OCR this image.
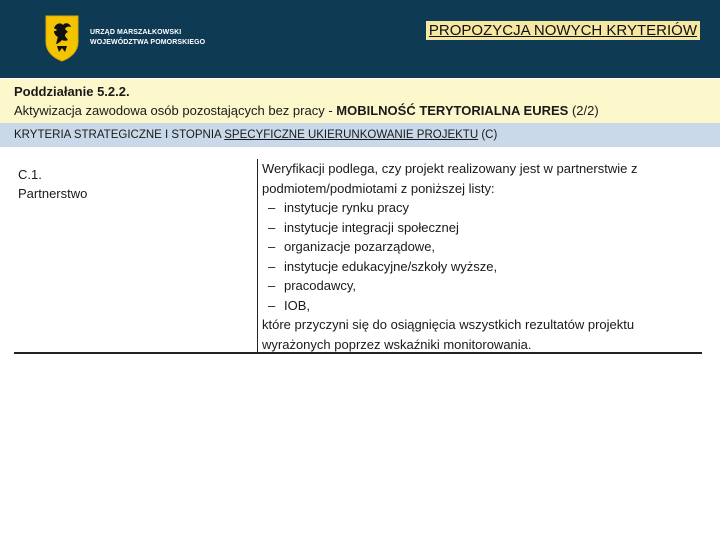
URZĄD MARSZAŁKOWSKI
WOJEWÓDZTWA POMORSKIEGO
PROPOZYCJA NOWYCH KRYTERIÓW
Poddziałanie 5.2.2.
Aktywizacja zawodowa osób pozostających bez pracy - MOBILNOŚĆ TERYTORIALNA EURES (2/2)
KRYTERIA STRATEGICZNE I STOPNIA SPECYFICZNE UKIERUNKOWANIE PROJEKTU (C)
C.1.
Partnerstwo
Weryfikacji podlega, czy projekt realizowany jest w partnerstwie z podmiotem/podmiotami z poniższej listy:
– instytucje rynku pracy
– instytucje integracji społecznej
– organizacje pozarządowe,
– instytucje edukacyjne/szkoły wyższe,
– pracodawcy,
– IOB,
które przyczyni się do osiągnięcia wszystkich rezultatów projektu wyrażonych poprzez wskaźniki monitorowania.
